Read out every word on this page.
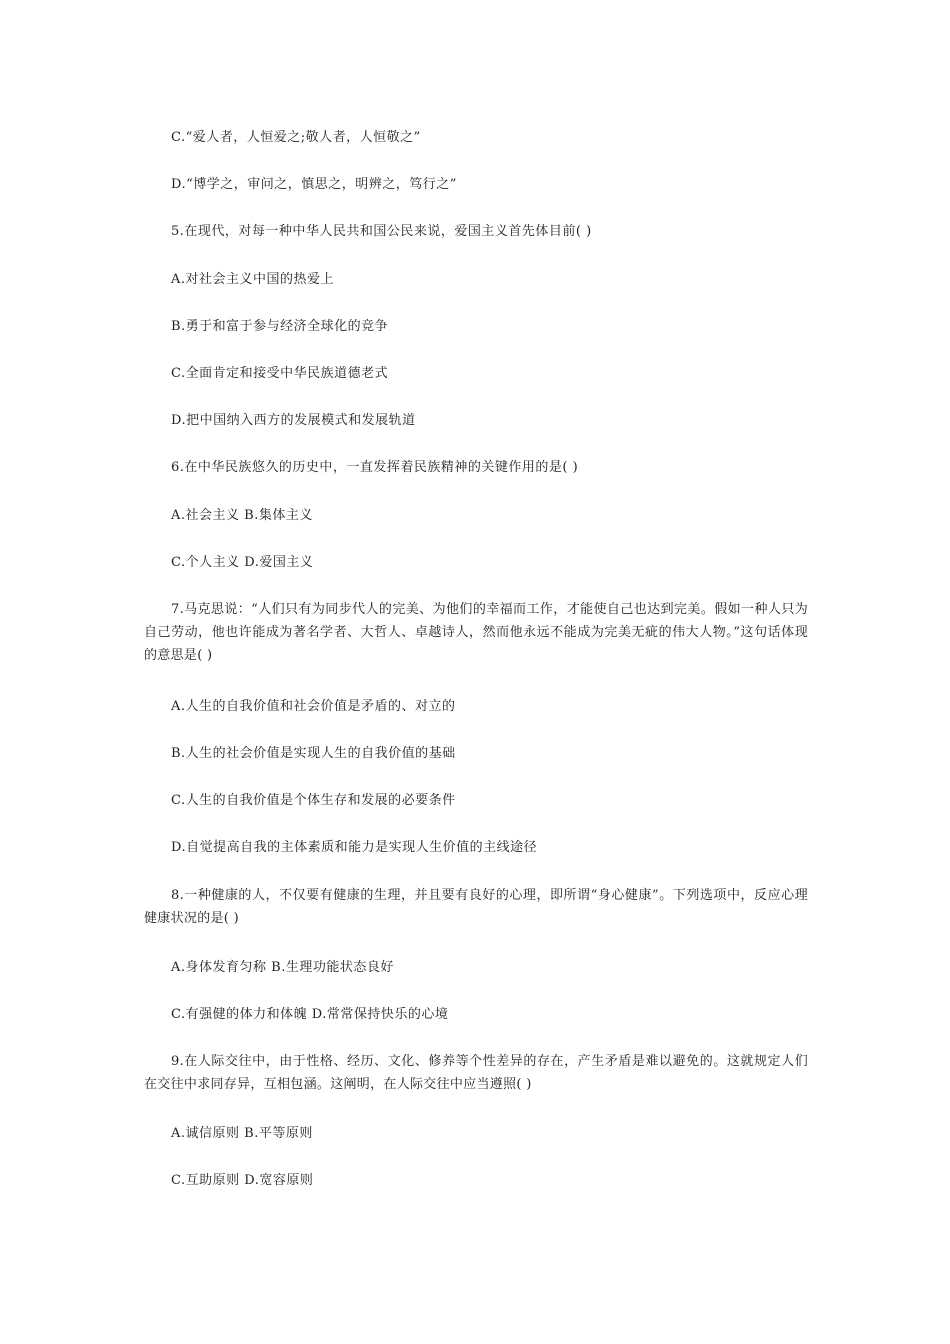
C.“爱人者，人恒爱之;敬人者，人恒敬之”

D.“博学之，审问之，慎思之，明辨之，笃行之”

5.在现代，对每一种中华人民共和国公民来说，爱国主义首先体目前( )

A.对社会主义中国的热爱上

B.勇于和富于参与经济全球化的竞争

C.全面肯定和接受中华民族道德老式

D.把中国纳入西方的发展模式和发展轨道

6.在中华民族悠久的历史中，一直发挥着民族精神的关键作用的是( )

A.社会主义 B.集体主义

C.个人主义 D.爱国主义

7.马克思说：“人们只有为同步代人的完美、为他们的幸福而工作，才能使自己也达到完美。假如一种人只为自己劳动，他也许能成为著名学者、大哲人、卓越诗人，然而他永远不能成为完美无疵的伟大人物。”这句话体现的意思是( )

A.人生的自我价值和社会价值是矛盾的、对立的

B.人生的社会价值是实现人生的自我价值的基础

C.人生的自我价值是个体生存和发展的必要条件

D.自觉提高自我的主体素质和能力是实现人生价值的主线途径

8.一种健康的人，不仅要有健康的生理，并且要有良好的心理，即所谓“身心健康”。下列选项中，反应心理健康状况的是( )

A.身体发育匀称 B.生理功能状态良好

C.有强健的体力和体魄 D.常常保持快乐的心境

9.在人际交往中，由于性格、经历、文化、修养等个性差异的存在，产生矛盾是难以避免的。这就规定人们在交往中求同存异，互相包涵。这阐明，在人际交往中应当遵照( )

A.诚信原则 B.平等原则

C.互助原则 D.宽容原则
